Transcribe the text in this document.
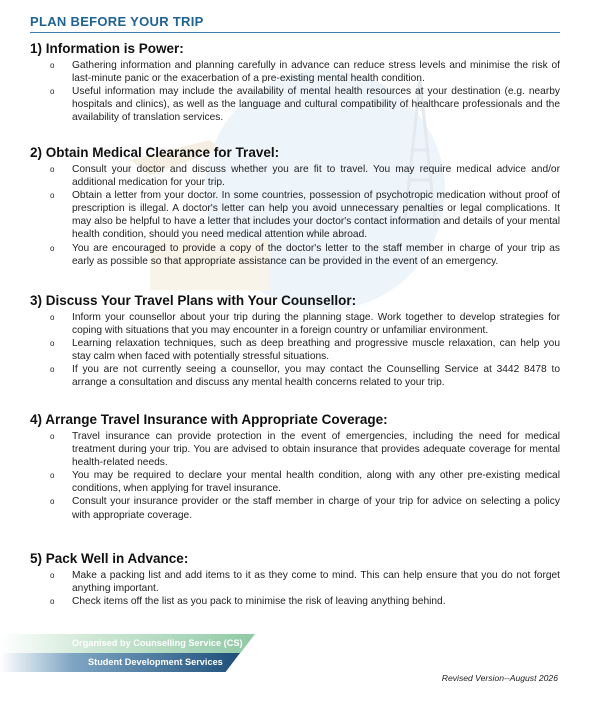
PLAN BEFORE YOUR TRIP
1) Information is Power:
o Gathering information and planning carefully in advance can reduce stress levels and minimise the risk of last-minute panic or the exacerbation of a pre-existing mental health condition.
o Useful information may include the availability of mental health resources at your destination (e.g. nearby hospitals and clinics), as well as the language and cultural compatibility of healthcare professionals and the availability of translation services.
2) Obtain Medical Clearance for Travel:
o Consult your doctor and discuss whether you are fit to travel. You may require medical advice and/or additional medication for your trip.
o Obtain a letter from your doctor. In some countries, possession of psychotropic medication without proof of prescription is illegal. A doctor's letter can help you avoid unnecessary penalties or legal complications. It may also be helpful to have a letter that includes your doctor's contact information and details of your mental health condition, should you need medical attention while abroad.
o You are encouraged to provide a copy of the doctor's letter to the staff member in charge of your trip as early as possible so that appropriate assistance can be provided in the event of an emergency.
3) Discuss Your Travel Plans with Your Counsellor:
o Inform your counsellor about your trip during the planning stage. Work together to develop strategies for coping with situations that you may encounter in a foreign country or unfamiliar environment.
o Learning relaxation techniques, such as deep breathing and progressive muscle relaxation, can help you stay calm when faced with potentially stressful situations.
o If you are not currently seeing a counsellor, you may contact the Counselling Service at 3442 8478 to arrange a consultation and discuss any mental health concerns related to your trip.
4) Arrange Travel Insurance with Appropriate Coverage:
o Travel insurance can provide protection in the event of emergencies, including the need for medical treatment during your trip. You are advised to obtain insurance that provides adequate coverage for mental health-related needs.
o You may be required to declare your mental health condition, along with any other pre-existing medical conditions, when applying for travel insurance.
o Consult your insurance provider or the staff member in charge of your trip for advice on selecting a policy with appropriate coverage.
5) Pack Well in Advance:
o Make a packing list and add items to it as they come to mind. This can help ensure that you do not forget anything important.
o Check items off the list as you pack to minimise the risk of leaving anything behind.
Organised by Counselling Service (CS)
Student Development Services
Revised Version--August 2026
